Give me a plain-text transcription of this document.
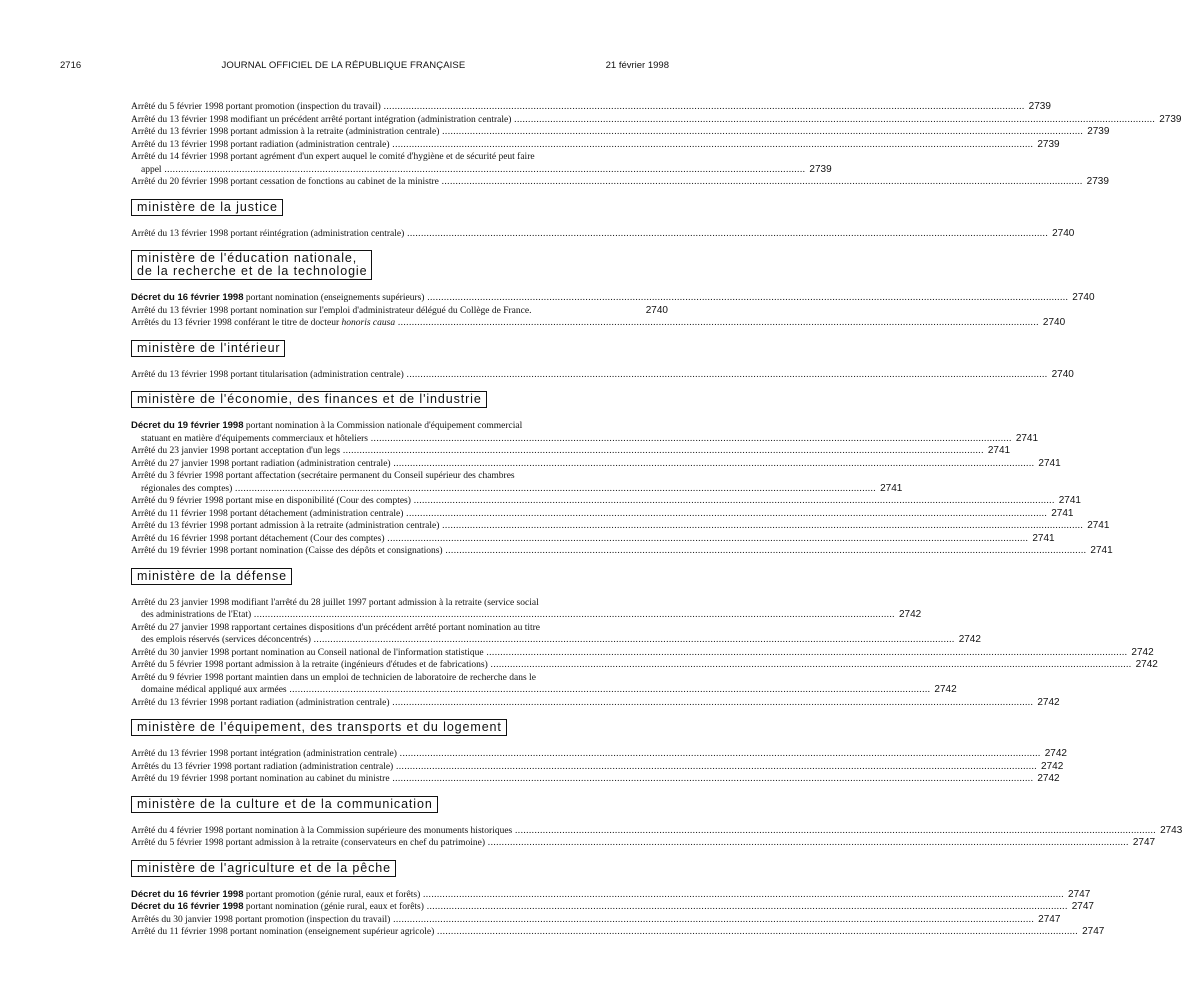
2716	JOURNAL OFFICIEL DE LA RÉPUBLIQUE FRANÇAISE	21 février 1998
Arrêté du 5 février 1998 portant promotion (inspection du travail) .....	2739
Arrêté du 13 février 1998 modifiant un précédent arrêté portant intégration (administration centrale) .....	2739
Arrêté du 13 février 1998 portant admission à la retraite (administration centrale) .....	2739
Arrêté du 13 février 1998 portant radiation (administration centrale) .....	2739
Arrêté du 14 février 1998 portant agrément d'un expert auquel le comité d'hygiène et de sécurité peut faire
appel .....	2739
Arrêté du 20 février 1998 portant cessation de fonctions au cabinet de la ministre .....	2739
ministère de la justice
Arrêté du 13 février 1998 portant réintégration (administration centrale) .....	2740
ministère de l'éducation nationale,
de la recherche et de la technologie
Décret du 16 février 1998 portant nomination (enseignements supérieurs) .....	2740
Arrêté du 13 février 1998 portant nomination sur l'emploi d'administrateur délégué du Collège de France.	2740
Arrêtés du 13 février 1998 conférant le titre de docteur honoris causa .....	2740
ministère de l'intérieur
Arrêté du 13 février 1998 portant titularisation (administration centrale) .....	2740
ministère de l'économie, des finances et de l'industrie
Décret du 19 février 1998 portant nomination à la Commission nationale d'équipement commercial
statuant en matière d'équipements commerciaux et hôteliers .....	2741
Arrêté du 23 janvier 1998 portant acceptation d'un legs .....	2741
Arrêté du 27 janvier 1998 portant radiation (administration centrale) .....	2741
Arrêté du 3 février 1998 portant affectation (secrétaire permanent du Conseil supérieur des chambres
régionales des comptes) .....	2741
Arrêté du 9 février 1998 portant mise en disponibilité (Cour des comptes) .....	2741
Arrêté du 11 février 1998 portant détachement (administration centrale) .....	2741
Arrêté du 13 février 1998 portant admission à la retraite (administration centrale) .....	2741
Arrêté du 16 février 1998 portant détachement (Cour des comptes) .....	2741
Arrêté du 19 février 1998 portant nomination (Caisse des dépôts et consignations) .....	2741
ministère de la défense
Arrêté du 23 janvier 1998 modifiant l'arrêté du 28 juillet 1997 portant admission à la retraite (service social
des administrations de l'Etat) .....	2742
Arrêté du 27 janvier 1998 rapportant certaines dispositions d'un précédent arrêté portant nomination au titre
des emplois réservés (services déconcentrés) .....	2742
Arrêté du 30 janvier 1998 portant nomination au Conseil national de l'information statistique .....	2742
Arrêté du 5 février 1998 portant admission à la retraite (ingénieurs d'études et de fabrications) .....	2742
Arrêté du 9 février 1998 portant maintien dans un emploi de technicien de laboratoire de recherche dans le
domaine médical appliqué aux armées .....	2742
Arrêté du 13 février 1998 portant radiation (administration centrale) .....	2742
ministère de l'équipement, des transports et du logement
Arrêté du 13 février 1998 portant intégration (administration centrale) .....	2742
Arrêtés du 13 février 1998 portant radiation (administration centrale) .....	2742
Arrêté du 19 février 1998 portant nomination au cabinet du ministre .....	2742
ministère de la culture et de la communication
Arrêté du 4 février 1998 portant nomination à la Commission supérieure des monuments historiques .....	2743
Arrêté du 5 février 1998 portant admission à la retraite (conservateurs en chef du patrimoine) .....	2747
ministère de l'agriculture et de la pêche
Décret du 16 février 1998 portant promotion (génie rural, eaux et forêts) .....	2747
Décret du 16 février 1998 portant nomination (génie rural, eaux et forêts) .....	2747
Arrêtés du 30 janvier 1998 portant promotion (inspection du travail) .....	2747
Arrêté du 11 février 1998 portant nomination (enseignement supérieur agricole) .....	2747
